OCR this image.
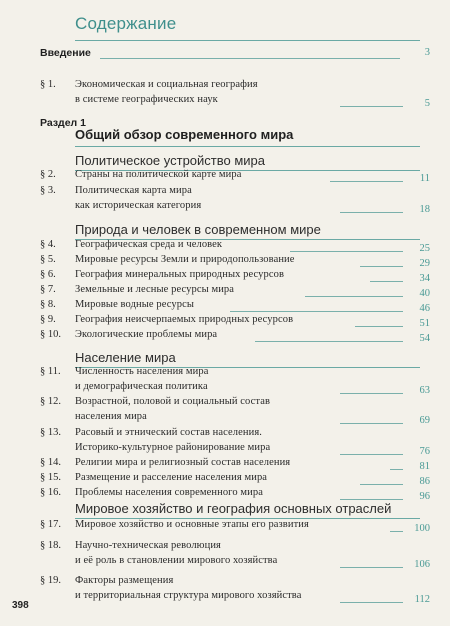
Содержание
Введение	3
§ 1. Экономическая и социальная география
в системе географических наук	5
Раздел 1
Общий обзор современного мира
Политическое устройство мира
§ 2. Страны на политической карте мира	11
§ 3. Политическая карта мира
как историческая категория	18
Природа и человек в современном мире
§ 4. Географическая среда и человек	25
§ 5. Мировые ресурсы Земли и природопользование	29
§ 6. География минеральных природных ресурсов	34
§ 7. Земельные и лесные ресурсы мира	40
§ 8. Мировые водные ресурсы	46
§ 9. География неисчерпаемых природных ресурсов	51
§ 10. Экологические проблемы мира	54
Население мира
§ 11. Численность населения мира
и демографическая политика	63
§ 12. Возрастной, половой и социальный состав
населения мира	69
§ 13. Расовый и этнический состав населения.
Историко-культурное районирование мира	76
§ 14. Религии мира и религиозный состав населения	81
§ 15. Размещение и расселение населения мира	86
§ 16. Проблемы населения современного мира	96
Мировое хозяйство и география основных отраслей
§ 17. Мировое хозяйство и основные этапы его развития	100
§ 18. Научно-техническая революция
и её роль в становлении мирового хозяйства	106
§ 19. Факторы размещения
и территориальная структура мирового хозяйства	112
398
